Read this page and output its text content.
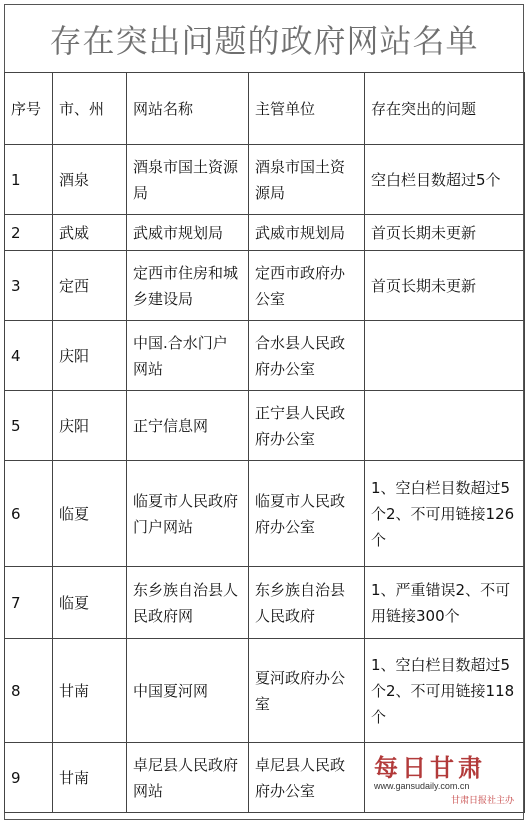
存在突出问题的政府网站名单
序号	市、州	网站名称	主管单位	存在突出的问题
1	酒泉	酒泉市国土资源局	酒泉市国土资源局	空白栏目数超过5个
2	武威	武威市规划局	武威市规划局	首页长期未更新
3	定西	定西市住房和城乡建设局	定西市政府办公室	首页长期未更新
4	庆阳	中国.合水门户网站	合水县人民政府办公室	
5	庆阳	正宁信息网	正宁县人民政府办公室	
6	临夏	临夏市人民政府门户网站	临夏市人民政府办公室	1、空白栏目数超过5个2、不可用链接126个
7	临夏	东乡族自治县人民政府网	东乡族自治县人民政府	1、严重错误2、不可用链接300个
8	甘南	中国夏河网	夏河政府办公室	1、空白栏目数超过5个2、不可用链接118个
9	甘南	卓尼县人民政府网站	卓尼县人民政府办公室	
每日甘肃
www.gansudaily.com.cn
甘肃日报社主办
